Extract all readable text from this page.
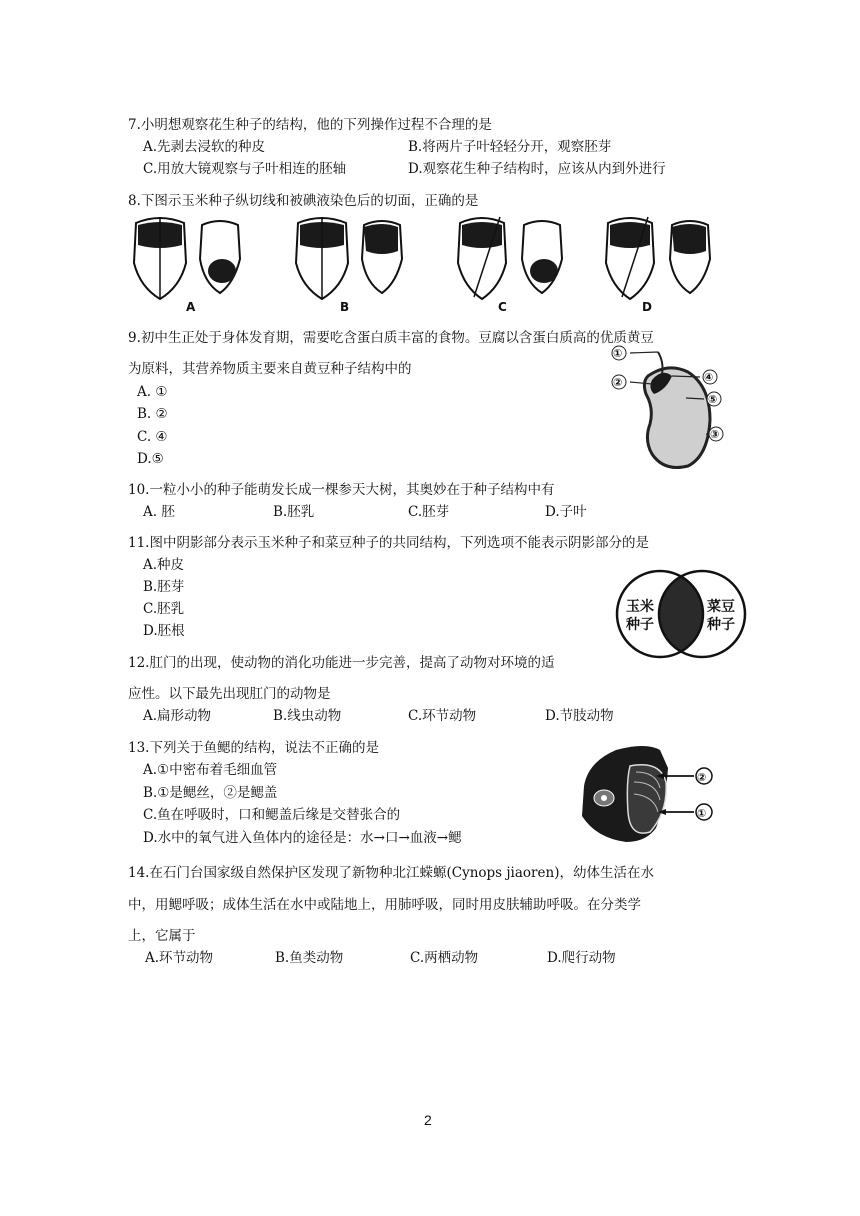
7.小明想观察花生种子的结构，他的下列操作过程不合理的是
A.先剥去浸软的种皮	B.将两片子叶轻轻分开，观察胚芽
C.用放大镜观察与子叶相连的胚轴	D.观察花生种子结构时，应该从内到外进行
8.下图示玉米种子纵切线和被碘液染色后的切面，正确的是
A	B	C	D
9.初中生正处于身体发育期，需要吃含蛋白质丰富的食物。豆腐以含蛋白质高的优质黄豆
为原料，其营养物质主要来自黄豆种子结构中的
A. ①
B. ②
C. ④
D.⑤
①
②	④
⑤
③
10.一粒小小的种子能萌发长成一棵参天大树，其奥妙在于种子结构中有
A. 胚	B.胚乳	C.胚芽	D.子叶
11.图中阴影部分表示玉米种子和菜豆种子的共同结构，下列选项不能表示阴影部分的是
A.种皮
B.胚芽
C.胚乳
D.胚根
玉米
种子
菜豆
种子
12.肛门的出现，使动物的消化功能进一步完善，提高了动物对环境的适
应性。以下最先出现肛门的动物是
A.扁形动物	B.线虫动物	C.环节动物	D.节肢动物
13.下列关于鱼鳃的结构，说法不正确的是
A.①中密布着毛细血管
B.①是鳃丝，②是鳃盖
C.鱼在呼吸时，口和鳃盖后缘是交替张合的
D.水中的氧气进入鱼体内的途径是：水→口→血液→鳃
②
①
14.在石门台国家级自然保护区发现了新物种北江蝾螈(Cynops jiaoren)，幼体生活在水
中，用鳃呼吸；成体生活在水中或陆地上，用肺呼吸，同时用皮肤辅助呼吸。在分类学
上，它属于
A.环节动物	B.鱼类动物	C.两栖动物	D.爬行动物
2
